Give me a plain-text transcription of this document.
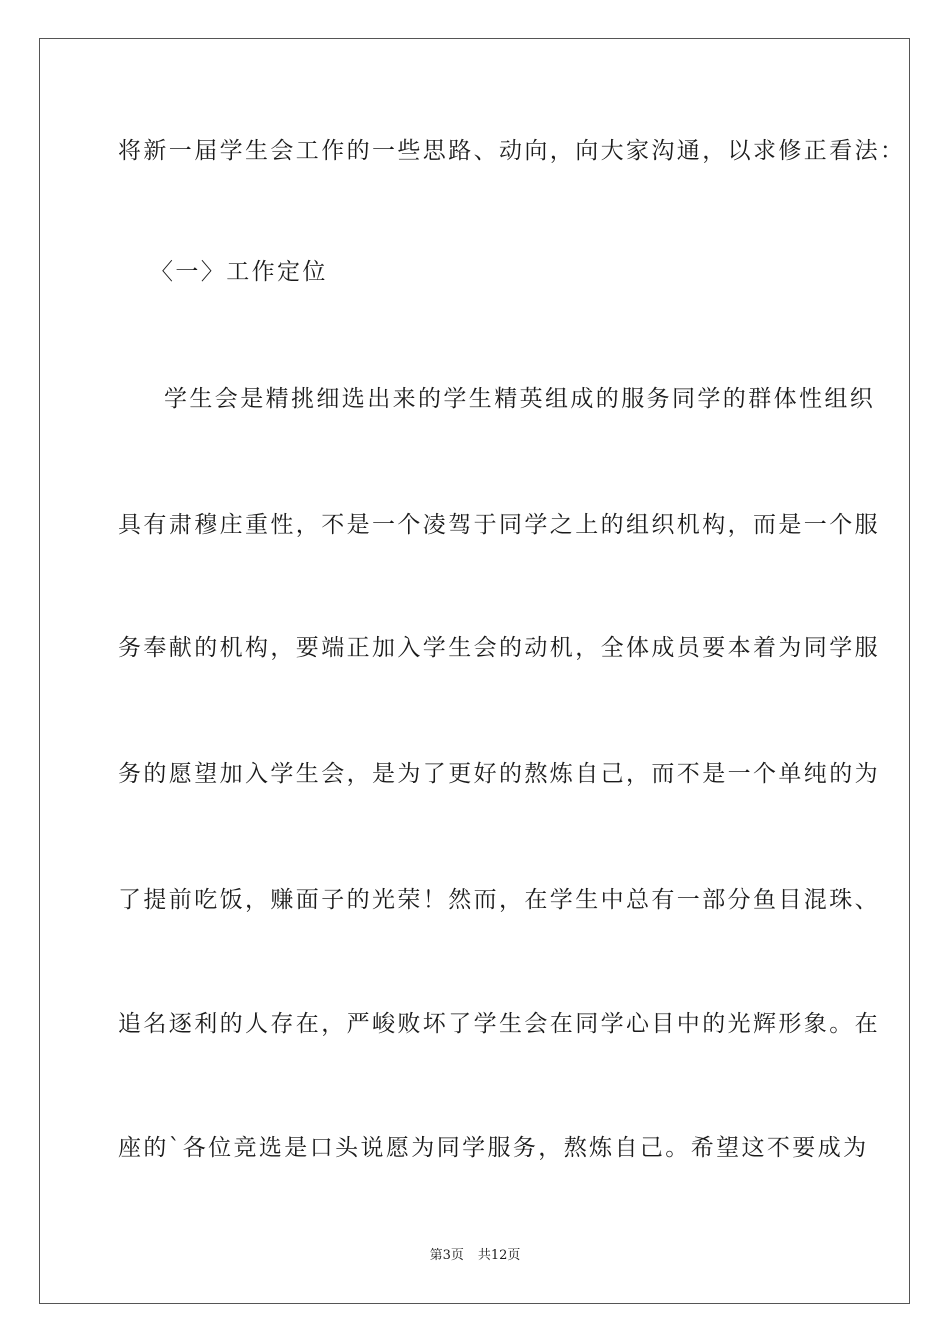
将新一届学生会工作的一些思路、动向，向大家沟通，以求修正看法：
〈一〉工作定位
学生会是精挑细选出来的学生精英组成的服务同学的群体性组织
具有肃穆庄重性，不是一个凌驾于同学之上的组织机构，而是一个服
务奉献的机构，要端正加入学生会的动机，全体成员要本着为同学服
务的愿望加入学生会，是为了更好的熬炼自己，而不是一个单纯的为
了提前吃饭，赚面子的光荣！然而，在学生中总有一部分鱼目混珠、
追名逐利的人存在，严峻败坏了学生会在同学心目中的光辉形象。在
座的`各位竞选是口头说愿为同学服务，熬炼自己。希望这不要成为
第3页 共12页
